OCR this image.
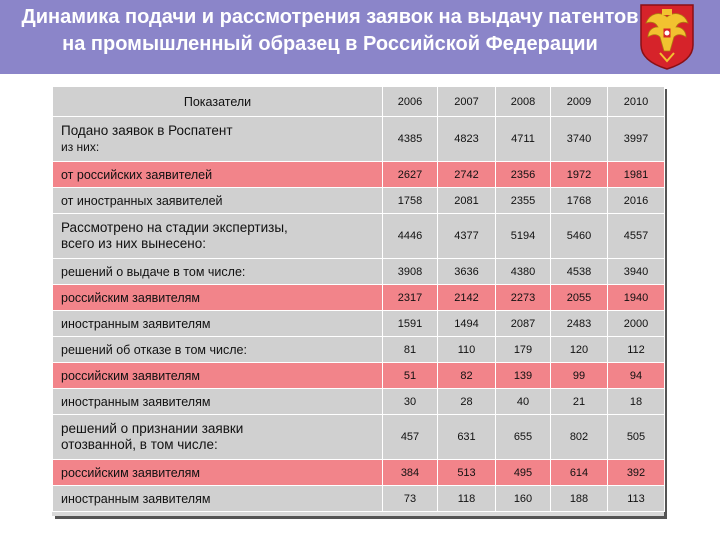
Динамика подачи и рассмотрения заявок на выдачу патентов
на промышленный образец в Российской Федерации
Показатели	2006	2007	2008	2009	2010

Подано заявок в Роспатент
из них:	4385	4823	4711	3740	3997
от российских заявителей	2627	2742	2356	1972	1981
от иностранных заявителей	1758	2081	2355	1768	2016

Рассмотрено на стадии экспертизы,
всего из них вынесено:	4446	4377	5194	5460	4557
решений о выдаче в том числе:	3908	3636	4380	4538	3940
российским заявителям	2317	2142	2273	2055	1940
иностранным заявителям	1591	1494	2087	2483	2000
решений об отказе в том числе:	81	110	179	120	112
российским заявителям	51	82	139	99	94
иностранным заявителям	30	28	40	21	18

решений о признании заявки
отозванной, в том числе:	457	631	655	802	505
российским заявителям	384	513	495	614	392
иностранным заявителям	73	118	160	188	113
